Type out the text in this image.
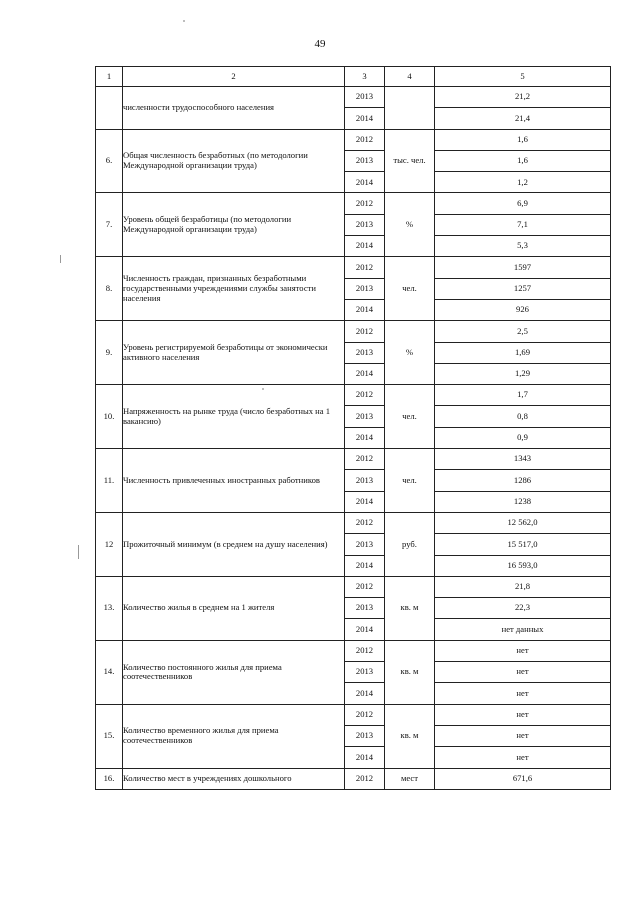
49
1	2	3	4	5
	численности трудоспособного населения	2013		21,2
		2014		21,4
6.	Общая численность безработных (по методологии Международной организации труда)	2012	тыс. чел.	1,6
		2013		1,6
		2014		1,2
7.	Уровень общей безработицы (по методологии Международной организации труда)	2012	%	6,9
		2013		7,1
		2014		5,3
8.	Численность граждан, признанных безработными государственными учреждениями службы занятости населения	2012	чел.	1597
		2013		1257
		2014		926
9.	Уровень регистрируемой безработицы от экономически активного населения	2012	%	2,5
		2013		1,69
		2014		1,29
10.	Напряженность на рынке труда (число безработных на 1 вакансию)	2012	чел.	1,7
		2013		0,8
		2014		0,9
11.	Численность привлеченных иностранных работников	2012	чел.	1343
		2013		1286
		2014		1238
12	Прожиточный минимум (в среднем на душу населения)	2012	руб.	12 562,0
		2013		15 517,0
		2014		16 593,0
13.	Количество жилья в среднем на 1 жителя	2012	кв. м	21,8
		2013		22,3
		2014		нет данных
14.	Количество постоянного жилья для приема соотечественников	2012	кв. м	нет
		2013		нет
		2014		нет
15.	Количество временного жилья для приема соотечественников	2012	кв. м	нет
		2013		нет
		2014		нет
16.	Количество мест в учреждениях дошкольного	2012	мест	671,6
